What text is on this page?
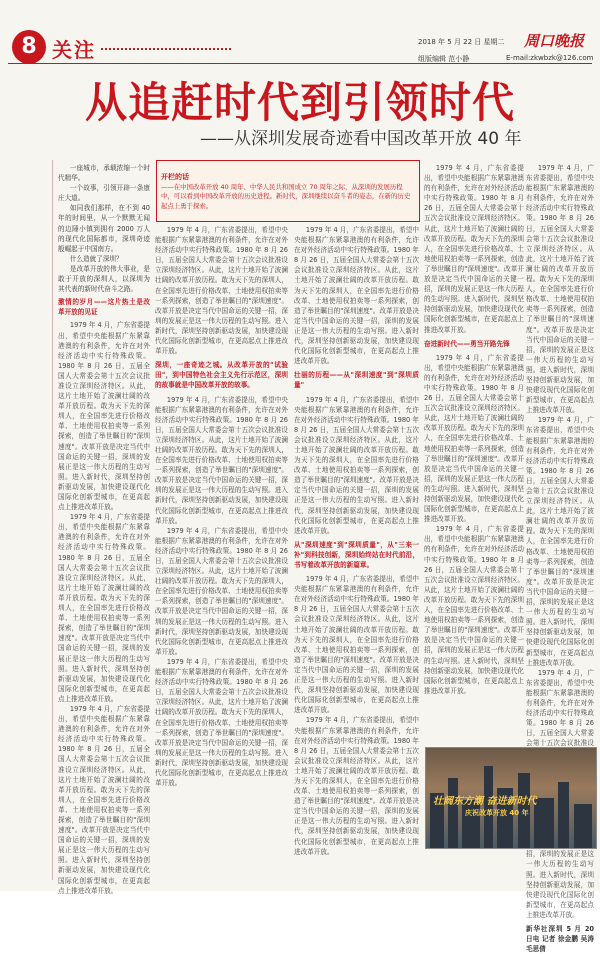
8 关注	2018 年 5 月 22 日 星期二 周口晚报
组版编辑 范小静	E-mail:zkwbzk@126.com
从追赶时代到引领时代
——从深圳发展奇迹看中国改革开放 40 年

一座城市，承载浓缩一个时代精华。

一个故事，引领开辟一条康庄大道。

如同我们那样，在不到 40 年的时间里，从一个默默无闻的边陲小镇到拥有 2000 万人的现代化国际都市，深圳奇迹般崛起于中国南方。

什么造就了深圳？

是改革开放的伟大事业，是敢于开放的深圳人，以深圳为其代表的新时代奋斗之路。

激情的岁月——这片热土是改革开放的见证

1979 年 4 月，广东省委提出，希望中央能根据广东紧靠港澳的有利条件，允许在对外经济活动中实行特殊政策。1980 年 8 月 26 日，五届全国人大常委会第十五次会议批准设立深圳经济特区。从此，这片土地开始了波澜壮阔的改革开放历程。敢为天下先的深圳人，在全国率先进行价格改革、土地使用权拍卖等一系列探索，创造了举世瞩目的"深圳速度"。改革开放是决定当代中国命运的关键一招，深圳的发展正是这一伟大历程的生动写照。进入新时代，深圳坚持创新驱动发展，加快建设现代化国际化创新型城市，在更高起点上推进改革开放。

1979 年 4 月，广东省委提出，希望中央能根据广东紧靠港澳的有利条件，允许在对外经济活动中实行特殊政策。1980 年 8 月 26 日，五届全国人大常委会第十五次会议批准设立深圳经济特区。从此，这片土地开始了波澜壮阔的改革开放历程。敢为天下先的深圳人，在全国率先进行价格改革、土地使用权拍卖等一系列探索，创造了举世瞩目的"深圳速度"。改革开放是决定当代中国命运的关键一招，深圳的发展正是这一伟大历程的生动写照。进入新时代，深圳坚持创新驱动发展，加快建设现代化国际化创新型城市，在更高起点上推进改革开放。

1979 年 4 月，广东省委提出，希望中央能根据广东紧靠港澳的有利条件，允许在对外经济活动中实行特殊政策。1980 年 8 月 26 日，五届全国人大常委会第十五次会议批准设立深圳经济特区。从此，这片土地开始了波澜壮阔的改革开放历程。敢为天下先的深圳人，在全国率先进行价格改革、土地使用权拍卖等一系列探索，创造了举世瞩目的"深圳速度"。改革开放是决定当代中国命运的关键一招，深圳的发展正是这一伟大历程的生动写照。进入新时代，深圳坚持创新驱动发展，加快建设现代化国际化创新型城市，在更高起点上推进改革开放。

开栏的话
——在中国改革开放 40 周年、中华人民共和国成立 70 周年之际，从深圳的发展历程中，可以看到中国改革开放的历史进程。新时代，深圳继续以奋斗者的姿态，在新的历史起点上勇于探索。

1979 年 4 月，广东省委提出，希望中央能根据广东紧靠港澳的有利条件，允许在对外经济活动中实行特殊政策。1980 年 8 月 26 日，五届全国人大常委会第十五次会议批准设立深圳经济特区。从此，这片土地开始了波澜壮阔的改革开放历程。敢为天下先的深圳人，在全国率先进行价格改革、土地使用权拍卖等一系列探索，创造了举世瞩目的"深圳速度"。改革开放是决定当代中国命运的关键一招，深圳的发展正是这一伟大历程的生动写照。进入新时代，深圳坚持创新驱动发展，加快建设现代化国际化创新型城市，在更高起点上推进改革开放。

深圳，一座奇迹之城。从改革开放的"试验田"，到中国特色社会主义先行示范区，深圳的故事就是中国改革开放的故事。

1979 年 4 月，广东省委提出，希望中央能根据广东紧靠港澳的有利条件，允许在对外经济活动中实行特殊政策。1980 年 8 月 26 日，五届全国人大常委会第十五次会议批准设立深圳经济特区。从此，这片土地开始了波澜壮阔的改革开放历程。敢为天下先的深圳人，在全国率先进行价格改革、土地使用权拍卖等一系列探索，创造了举世瞩目的"深圳速度"。改革开放是决定当代中国命运的关键一招，深圳的发展正是这一伟大历程的生动写照。进入新时代，深圳坚持创新驱动发展，加快建设现代化国际化创新型城市，在更高起点上推进改革开放。

1979 年 4 月，广东省委提出，希望中央能根据广东紧靠港澳的有利条件，允许在对外经济活动中实行特殊政策。1980 年 8 月 26 日，五届全国人大常委会第十五次会议批准设立深圳经济特区。从此，这片土地开始了波澜壮阔的改革开放历程。敢为天下先的深圳人，在全国率先进行价格改革、土地使用权拍卖等一系列探索，创造了举世瞩目的"深圳速度"。改革开放是决定当代中国命运的关键一招，深圳的发展正是这一伟大历程的生动写照。进入新时代，深圳坚持创新驱动发展，加快建设现代化国际化创新型城市，在更高起点上推进改革开放。

1979 年 4 月，广东省委提出，希望中央能根据广东紧靠港澳的有利条件，允许在对外经济活动中实行特殊政策。1980 年 8 月 26 日，五届全国人大常委会第十五次会议批准设立深圳经济特区。从此，这片土地开始了波澜壮阔的改革开放历程。敢为天下先的深圳人，在全国率先进行价格改革、土地使用权拍卖等一系列探索，创造了举世瞩目的"深圳速度"。改革开放是决定当代中国命运的关键一招，深圳的发展正是这一伟大历程的生动写照。进入新时代，深圳坚持创新驱动发展，加快建设现代化国际化创新型城市，在更高起点上推进改革开放。

1979 年 4 月，广东省委提出，希望中央能根据广东紧靠港澳的有利条件，允许在对外经济活动中实行特殊政策。1980 年 8 月 26 日，五届全国人大常委会第十五次会议批准设立深圳经济特区。从此，这片土地开始了波澜壮阔的改革开放历程。敢为天下先的深圳人，在全国率先进行价格改革、土地使用权拍卖等一系列探索，创造了举世瞩目的"深圳速度"。改革开放是决定当代中国命运的关键一招，深圳的发展正是这一伟大历程的生动写照。进入新时代，深圳坚持创新驱动发展，加快建设现代化国际化创新型城市，在更高起点上推进改革开放。

壮丽的历程——从"深圳速度"到"深圳质量"

1979 年 4 月，广东省委提出，希望中央能根据广东紧靠港澳的有利条件，允许在对外经济活动中实行特殊政策。1980 年 8 月 26 日，五届全国人大常委会第十五次会议批准设立深圳经济特区。从此，这片土地开始了波澜壮阔的改革开放历程。敢为天下先的深圳人，在全国率先进行价格改革、土地使用权拍卖等一系列探索，创造了举世瞩目的"深圳速度"。改革开放是决定当代中国命运的关键一招，深圳的发展正是这一伟大历程的生动写照。进入新时代，深圳坚持创新驱动发展，加快建设现代化国际化创新型城市，在更高起点上推进改革开放。

从"深圳速度"到"深圳质量"，从"三来一补"到科技创新，深圳始终站在时代前沿，书写着改革开放的新篇章。

1979 年 4 月，广东省委提出，希望中央能根据广东紧靠港澳的有利条件，允许在对外经济活动中实行特殊政策。1980 年 8 月 26 日，五届全国人大常委会第十五次会议批准设立深圳经济特区。从此，这片土地开始了波澜壮阔的改革开放历程。敢为天下先的深圳人，在全国率先进行价格改革、土地使用权拍卖等一系列探索，创造了举世瞩目的"深圳速度"。改革开放是决定当代中国命运的关键一招，深圳的发展正是这一伟大历程的生动写照。进入新时代，深圳坚持创新驱动发展，加快建设现代化国际化创新型城市，在更高起点上推进改革开放。

1979 年 4 月，广东省委提出，希望中央能根据广东紧靠港澳的有利条件，允许在对外经济活动中实行特殊政策。1980 年 8 月 26 日，五届全国人大常委会第十五次会议批准设立深圳经济特区。从此，这片土地开始了波澜壮阔的改革开放历程。敢为天下先的深圳人，在全国率先进行价格改革、土地使用权拍卖等一系列探索，创造了举世瞩目的"深圳速度"。改革开放是决定当代中国命运的关键一招，深圳的发展正是这一伟大历程的生动写照。进入新时代，深圳坚持创新驱动发展，加快建设现代化国际化创新型城市，在更高起点上推进改革开放。

1979 年 4 月，广东省委提出，希望中央能根据广东紧靠港澳的有利条件，允许在对外经济活动中实行特殊政策。1980 年 8 月 26 日，五届全国人大常委会第十五次会议批准设立深圳经济特区。从此，这片土地开始了波澜壮阔的改革开放历程。敢为天下先的深圳人，在全国率先进行价格改革、土地使用权拍卖等一系列探索，创造了举世瞩目的"深圳速度"。改革开放是决定当代中国命运的关键一招，深圳的发展正是这一伟大历程的生动写照。进入新时代，深圳坚持创新驱动发展，加快建设现代化国际化创新型城市，在更高起点上推进改革开放。

奋进新时代——勇当开路先锋

1979 年 4 月，广东省委提出，希望中央能根据广东紧靠港澳的有利条件，允许在对外经济活动中实行特殊政策。1980 年 8 月 26 日，五届全国人大常委会第十五次会议批准设立深圳经济特区。从此，这片土地开始了波澜壮阔的改革开放历程。敢为天下先的深圳人，在全国率先进行价格改革、土地使用权拍卖等一系列探索，创造了举世瞩目的"深圳速度"。改革开放是决定当代中国命运的关键一招，深圳的发展正是这一伟大历程的生动写照。进入新时代，深圳坚持创新驱动发展，加快建设现代化国际化创新型城市，在更高起点上推进改革开放。

1979 年 4 月，广东省委提出，希望中央能根据广东紧靠港澳的有利条件，允许在对外经济活动中实行特殊政策。1980 年 8 月 26 日，五届全国人大常委会第十五次会议批准设立深圳经济特区。从此，这片土地开始了波澜壮阔的改革开放历程。敢为天下先的深圳人，在全国率先进行价格改革、土地使用权拍卖等一系列探索，创造了举世瞩目的"深圳速度"。改革开放是决定当代中国命运的关键一招，深圳的发展正是这一伟大历程的生动写照。进入新时代，深圳坚持创新驱动发展，加快建设现代化国际化创新型城市，在更高起点上推进改革开放。

1979 年 4 月，广东省委提出，希望中央能根据广东紧靠港澳的有利条件，允许在对外经济活动中实行特殊政策。1980 年 8 月 26 日，五届全国人大常委会第十五次会议批准设立深圳经济特区。从此，这片土地开始了波澜壮阔的改革开放历程。敢为天下先的深圳人，在全国率先进行价格改革、土地使用权拍卖等一系列探索，创造了举世瞩目的"深圳速度"。改革开放是决定当代中国命运的关键一招，深圳的发展正是这一伟大历程的生动写照。进入新时代，深圳坚持创新驱动发展，加快建设现代化国际化创新型城市，在更高起点上推进改革开放。

1979 年 4 月，广东省委提出，希望中央能根据广东紧靠港澳的有利条件，允许在对外经济活动中实行特殊政策。1980 年 8 月 26 日，五届全国人大常委会第十五次会议批准设立深圳经济特区。从此，这片土地开始了波澜壮阔的改革开放历程。敢为天下先的深圳人，在全国率先进行价格改革、土地使用权拍卖等一系列探索，创造了举世瞩目的"深圳速度"。改革开放是决定当代中国命运的关键一招，深圳的发展正是这一伟大历程的生动写照。进入新时代，深圳坚持创新驱动发展，加快建设现代化国际化创新型城市，在更高起点上推进改革开放。

1979 年 4 月，广东省委提出，希望中央能根据广东紧靠港澳的有利条件，允许在对外经济活动中实行特殊政策。1980 年 8 月 26 日，五届全国人大常委会第十五次会议批准设 招，深圳的发展正是这一伟大历程的生动写照。进入新时代，深圳坚持创新驱动发展，加快建设现代化国际化创新型城市，在更高起点上推进改革开放。

新华社深圳 5 月 20 日电 记者 徐金鹏 吴涛 毛思倩

壮阔东方潮 奋进新时代
庆祝改革开放 40 年
